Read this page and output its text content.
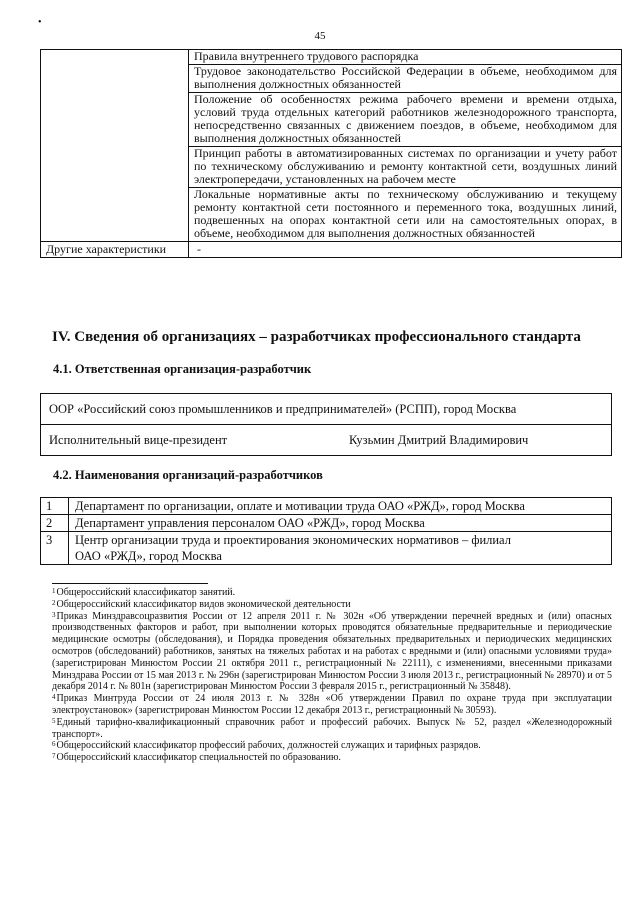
•
45
	Правила внутреннего трудового распорядка
	Трудовое законодательство Российской Федерации в объеме, необходимом для выполнения должностных обязанностей
	Положение об особенностях режима рабочего времени и времени отдыха, условий труда отдельных категорий работников железнодорожного транспорта, непосредственно связанных с движением поездов, в объеме, необходимом для выполнения должностных обязанностей
	Принцип работы в автоматизированных системах по организации и учету работ по техническому обслуживанию и ремонту контактной сети, воздушных линий электропередачи, установленных на рабочем месте
	Локальные нормативные акты по техническому обслуживанию и текущему ремонту контактной сети постоянного и переменного тока, воздушных линий, подвешенных на опорах контактной сети или на самостоятельных опорах, в объеме, необходимом для выполнения должностных обязанностей
Другие характеристики	-
IV. Сведения об организациях – разработчиках профессионального стандарта
4.1. Ответственная организация-разработчик
ООР «Российский союз промышленников и предпринимателей» (РСПП), город Москва
Исполнительный вице-президент	Кузьмин Дмитрий Владимирович
4.2. Наименования организаций-разработчиков
1	Департамент по организации, оплате и мотивации труда ОАО «РЖД», город Москва
2	Департамент управления персоналом ОАО «РЖД», город Москва
3	Центр организации труда и проектирования экономических нормативов – филиал
ОАО «РЖД», город Москва

$^1$Общероссийский классификатор занятий.

$^2$Общероссийский классификатор видов экономической деятельности

$^3$Приказ Минздравсоцразвития России от 12 апреля 2011 г. № 302н «Об утверждении перечней вредных и (или) опасных производственных факторов и работ, при выполнении которых проводятся обязательные предварительные и периодические медицинские осмотры (обследования), и Порядка проведения обязательных предварительных и периодических медицинских осмотров (обследований) работников, занятых на тяжелых работах и на работах с вредными и (или) опасными условиями труда» (зарегистрирован Минюстом России 21 октября 2011 г., регистрационный № 22111), с изменениями, внесенными приказами Минздрава России от 15 мая 2013 г. № 296н (зарегистрирован Минюстом России 3 июля 2013 г., регистрационный № 28970) и от 5 декабря 2014 г. № 801н (зарегистрирован Минюстом России 3 февраля 2015 г., регистрационный № 35848).

$^4$Приказ Минтруда России от 24 июля 2013 г. № 328н «Об утверждении Правил по охране труда при эксплуатации электроустановок» (зарегистрирован Минюстом России 12 декабря 2013 г., регистрационный № 30593).

$^5$Единый тарифно-квалификационный справочник работ и профессий рабочих. Выпуск № 52, раздел «Железнодорожный транспорт».

$^6$Общероссийский классификатор профессий рабочих, должностей служащих и тарифных разрядов.

$^7$Общероссийский классификатор специальностей по образованию.
